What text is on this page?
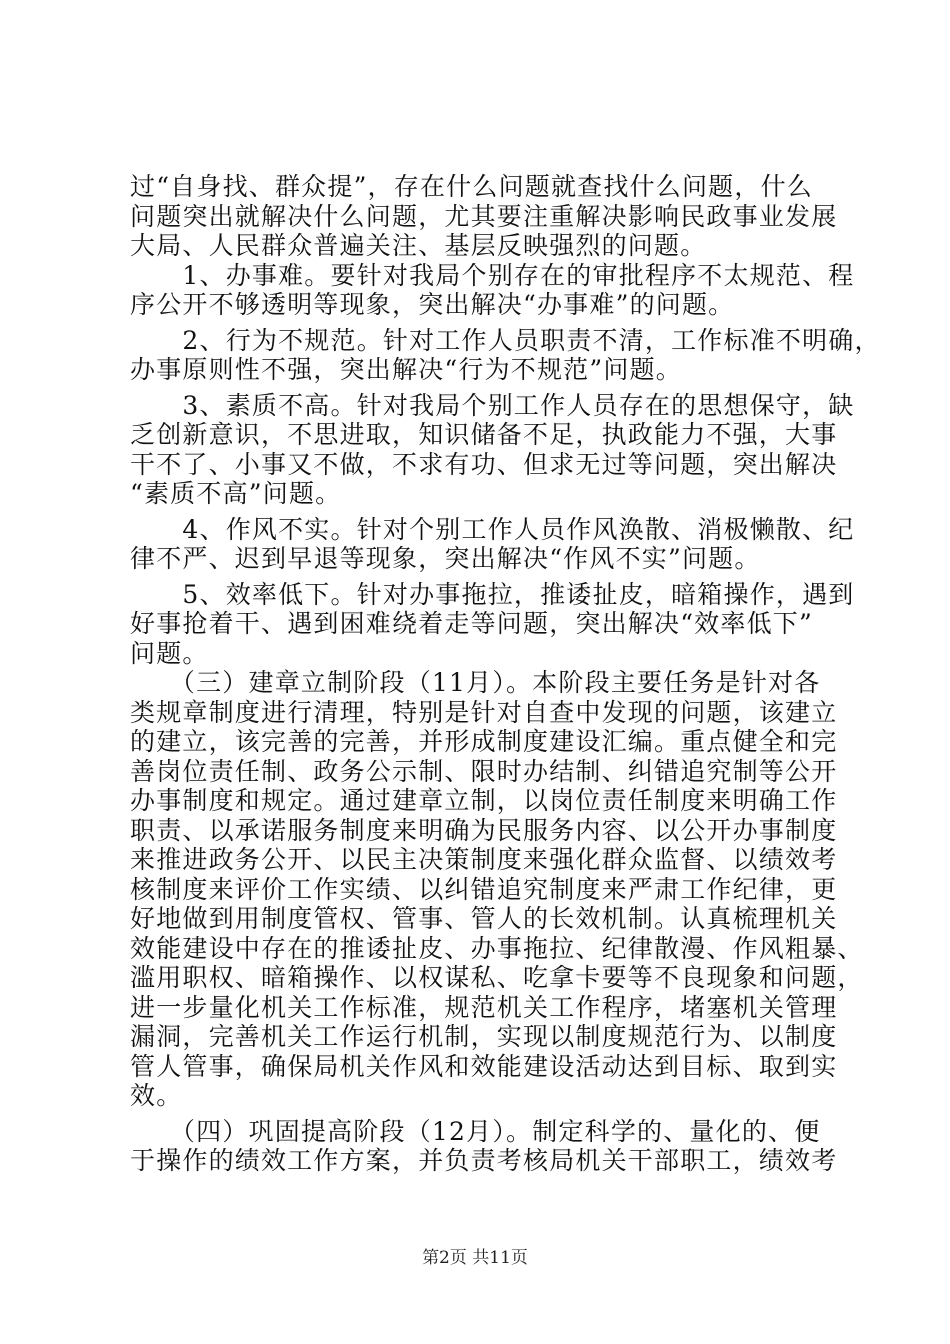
过“自身找、群众提”，存在什么问题就查找什么问题，什么
问题突出就解决什么问题，尤其要注重解决影响民政事业发展
大局、人民群众普遍关注、基层反映强烈的问题。
　　1、办事难。要针对我局个别存在的审批程序不太规范、程
序公开不够透明等现象，突出解决“办事难”的问题。
　　2、行为不规范。针对工作人员职责不清，工作标准不明确，
办事原则性不强，突出解决“行为不规范”问题。
　　3、素质不高。针对我局个别工作人员存在的思想保守，缺
乏创新意识，不思进取，知识储备不足，执政能力不强，大事
干不了、小事又不做，不求有功、但求无过等问题，突出解决
“素质不高”问题。
　　4、作风不实。针对个别工作人员作风涣散、消极懒散、纪
律不严、迟到早退等现象，突出解决“作风不实”问题。
　　5、效率低下。针对办事拖拉，推诿扯皮，暗箱操作，遇到
好事抢着干、遇到困难绕着走等问题，突出解决“效率低下”
问题。
　　（三）建章立制阶段（11月）。本阶段主要任务是针对各
类规章制度进行清理，特别是针对自查中发现的问题，该建立
的建立，该完善的完善，并形成制度建设汇编。重点健全和完
善岗位责任制、政务公示制、限时办结制、纠错追究制等公开
办事制度和规定。通过建章立制，以岗位责任制度来明确工作
职责、以承诺服务制度来明确为民服务内容、以公开办事制度
来推进政务公开、以民主决策制度来强化群众监督、以绩效考
核制度来评价工作实绩、以纠错追究制度来严肃工作纪律，更
好地做到用制度管权、管事、管人的长效机制。认真梳理机关
效能建设中存在的推诿扯皮、办事拖拉、纪律散漫、作风粗暴、
滥用职权、暗箱操作、以权谋私、吃拿卡要等不良现象和问题，
进一步量化机关工作标准，规范机关工作程序，堵塞机关管理
漏洞，完善机关工作运行机制，实现以制度规范行为、以制度
管人管事，确保局机关作风和效能建设活动达到目标、取到实
效。
　　（四）巩固提高阶段（12月）。制定科学的、量化的、便
于操作的绩效工作方案，并负责考核局机关干部职工，绩效考
第2页 共11页
